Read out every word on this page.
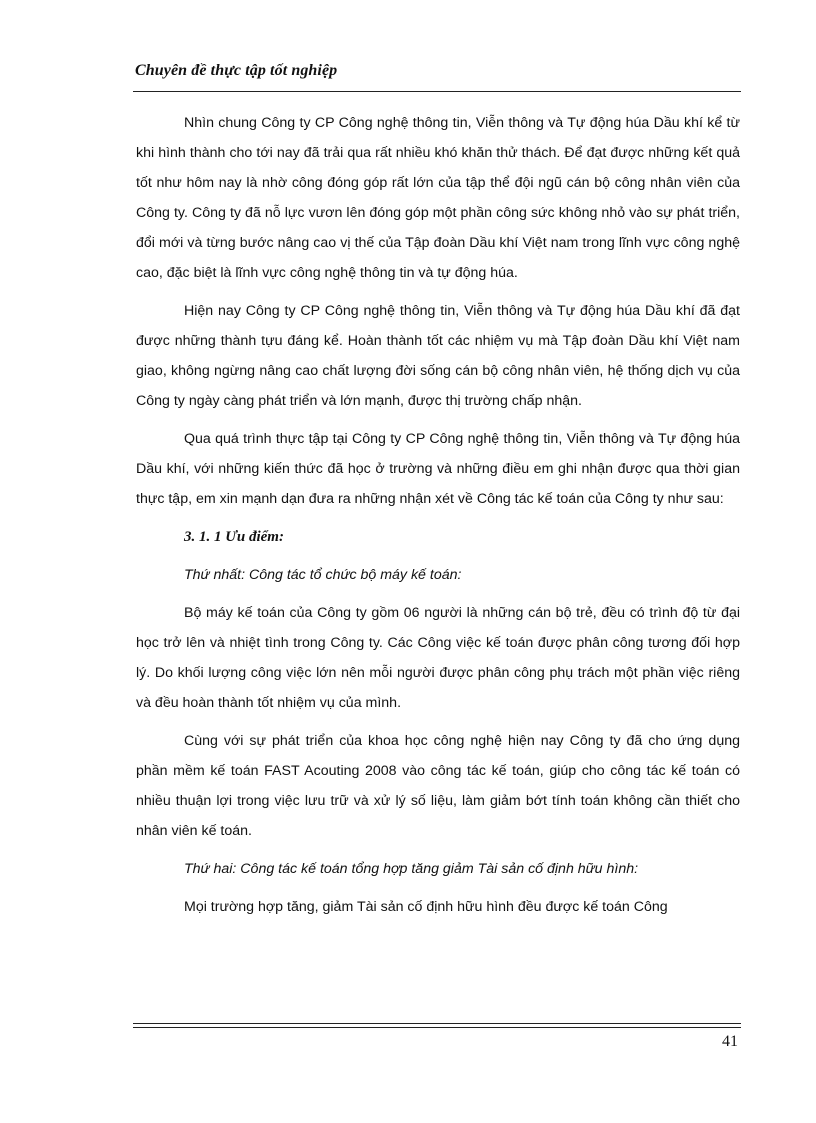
Chuyên đề thực tập tốt nghiệp

Nhìn chung Công ty CP Công nghệ thông tin, Viễn thông và Tự động húa Dầu khí kể từ khi hình thành cho tới nay đã trải qua rất nhiều khó khăn thử thách. Để đạt được những kết quả tốt như hôm nay là nhờ công đóng góp rất lớn của tập thể đội ngũ cán bộ công nhân viên của Công ty. Công ty đã nỗ lực vươn lên đóng góp một phần công sức không nhỏ vào sự phát triển, đổi mới và từng bước nâng cao vị thế của Tập đoàn Dầu khí Việt nam trong lĩnh vực công nghệ cao, đặc biệt là lĩnh vực công nghệ thông tin và tự động húa.

Hiện nay Công ty CP Công nghệ thông tin, Viễn thông và Tự động húa Dầu khí đã đạt được những thành tựu đáng kể. Hoàn thành tốt các nhiệm vụ mà Tập đoàn Dầu khí Việt nam giao, không ngừng nâng cao chất lượng đời sống cán bộ công nhân viên, hệ thống dịch vụ của Công ty ngày càng phát triển và lớn mạnh, được thị trường chấp nhận.

Qua quá trình thực tập tại Công ty CP Công nghệ thông tin, Viễn thông và Tự động húa Dầu khí, với những kiến thức đã học ở trường và những điều em ghi nhận được qua thời gian thực tập, em xin mạnh dạn đưa ra những nhận xét về Công tác kế toán của Công ty như sau:

3. 1. 1 Ưu điểm:

Thứ nhất: Công tác tổ chức bộ máy kế toán:

Bộ máy kế toán của Công ty gồm 06 người là những cán bộ trẻ, đều có trình độ từ đại học trở lên và nhiệt tình trong Công ty. Các Công việc kế toán được phân công tương đối hợp lý. Do khối lượng công việc lớn nên mỗi người được phân công phụ trách một phần việc riêng và đều hoàn thành tốt nhiệm vụ của mình.

Cùng với sự phát triển của khoa học công nghệ hiện nay Công ty đã cho ứng dụng phần mềm kế toán FAST Acouting 2008 vào công tác kế toán, giúp cho công tác kế toán có nhiều thuận lợi trong việc lưu trữ và xử lý số liệu, làm giảm bớt tính toán không cần thiết cho nhân viên kế toán.

Thứ hai: Công tác kế toán tổng hợp tăng giảm Tài sản cố định hữu hình:

Mọi trường hợp tăng, giảm Tài sản cố định hữu hình đều được kế toán Công

41
